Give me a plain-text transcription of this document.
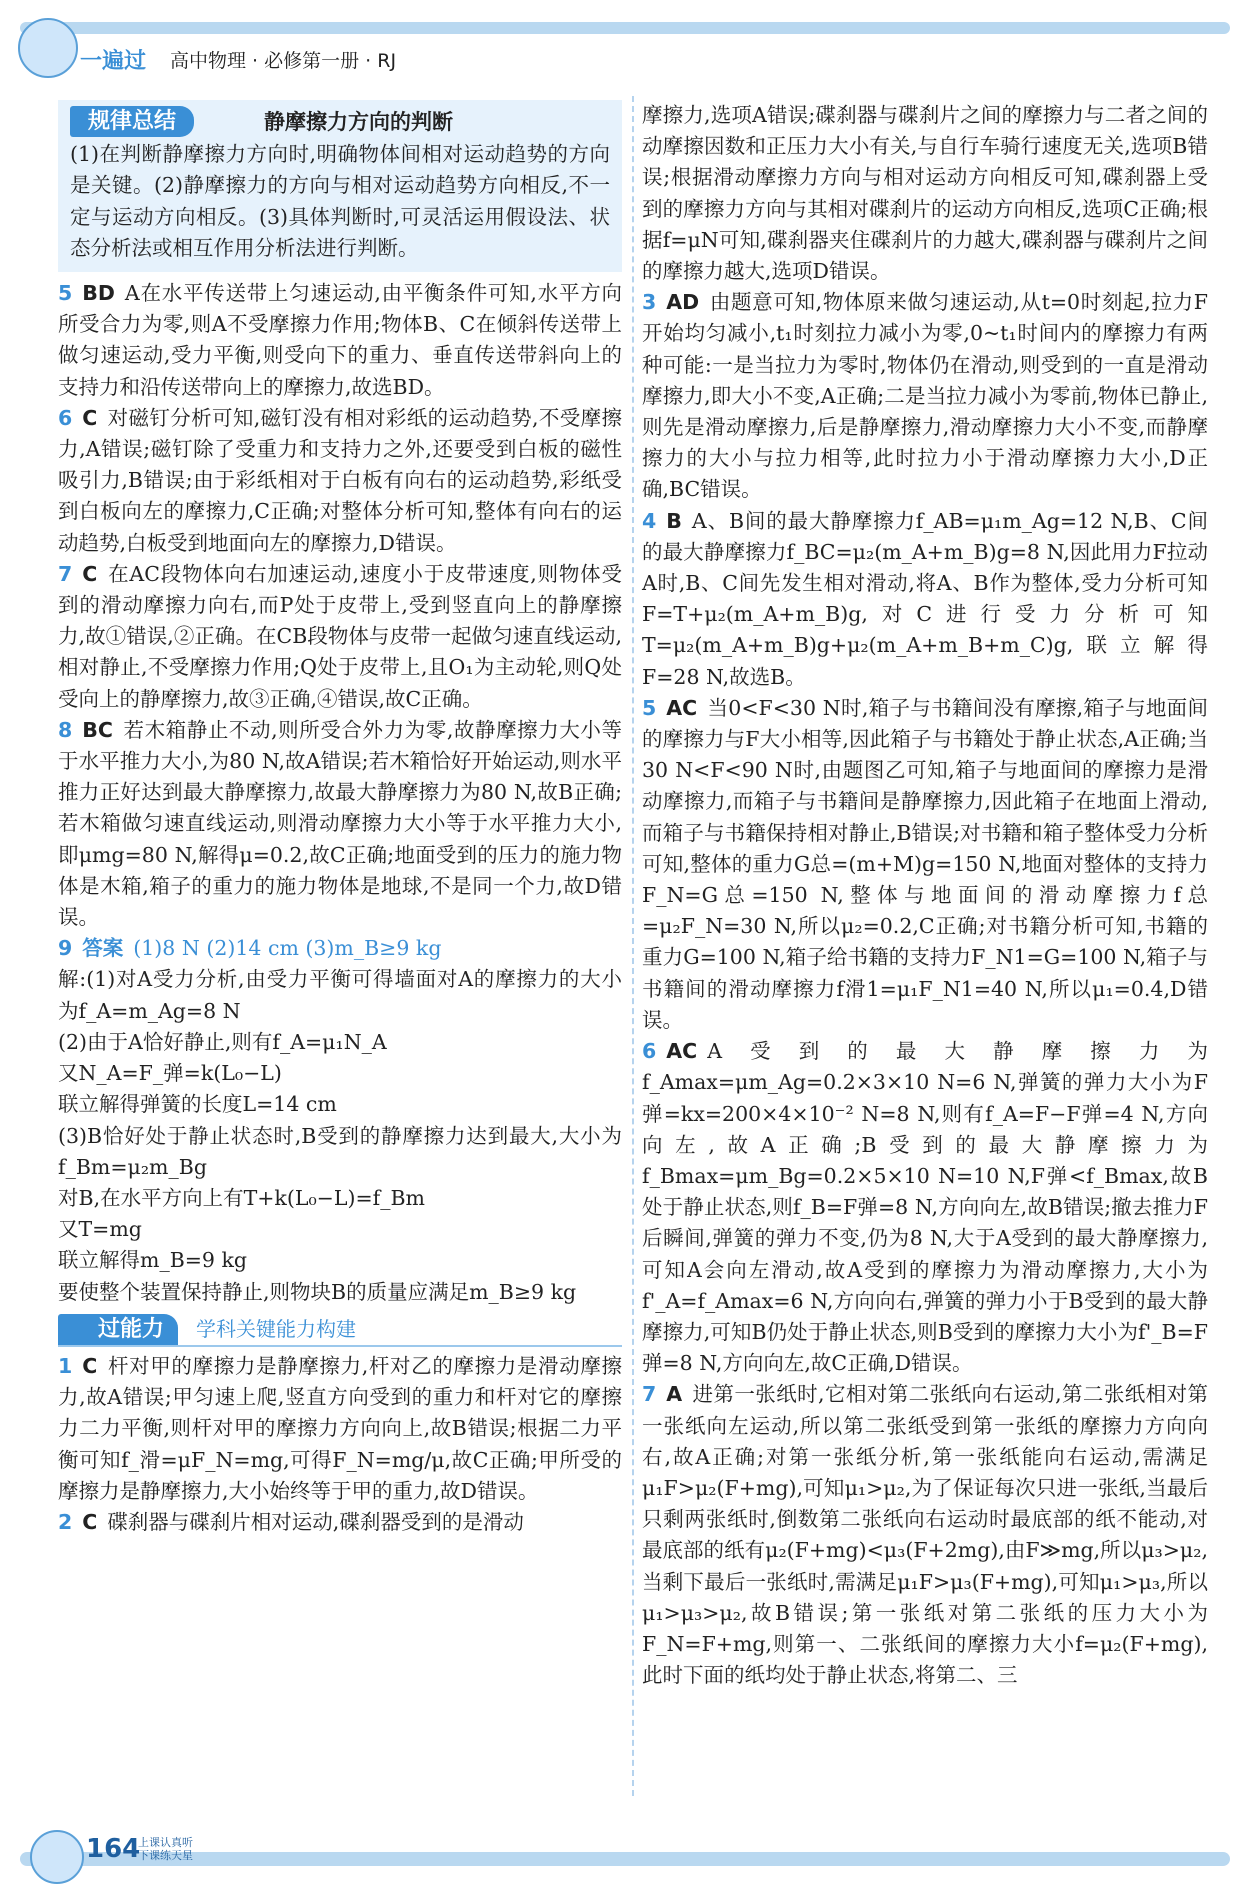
一遍过 高中物理 · 必修第一册 · RJ
规律总结	静摩擦力方向的判断

(1)在判断静摩擦力方向时,明确物体间相对运动趋势的方向是关键。(2)静摩擦力的方向与相对运动趋势方向相反,不一定与运动方向相反。(3)具体判断时,可灵活运用假设法、状态分析法或相互作用分析法进行判断。

5 BD A在水平传送带上匀速运动,由平衡条件可知,水平方向所受合力为零,则A不受摩擦力作用;物体B、C在倾斜传送带上做匀速运动,受力平衡,则受向下的重力、垂直传送带斜向上的支持力和沿传送带向上的摩擦力,故选BD。

6 C 对磁钉分析可知,磁钉没有相对彩纸的运动趋势,不受摩擦力,A错误;磁钉除了受重力和支持力之外,还要受到白板的磁性吸引力,B错误;由于彩纸相对于白板有向右的运动趋势,彩纸受到白板向左的摩擦力,C正确;对整体分析可知,整体有向右的运动趋势,白板受到地面向左的摩擦力,D错误。

7 C 在AC段物体向右加速运动,速度小于皮带速度,则物体受到的滑动摩擦力向右,而P处于皮带上,受到竖直向上的静摩擦力,故①错误,②正确。在CB段物体与皮带一起做匀速直线运动,相对静止,不受摩擦力作用;Q处于皮带上,且O₁为主动轮,则Q处受向上的静摩擦力,故③正确,④错误,故C正确。

8 BC 若木箱静止不动,则所受合外力为零,故静摩擦力大小等于水平推力大小,为80 N,故A错误;若木箱恰好开始运动,则水平推力正好达到最大静摩擦力,故最大静摩擦力为80 N,故B正确;若木箱做匀速直线运动,则滑动摩擦力大小等于水平推力大小,即μmg=80 N,解得μ=0.2,故C正确;地面受到的压力的施力物体是木箱,箱子的重力的施力物体是地球,不是同一个力,故D错误。

9 答案 (1)8 N (2)14 cm (3)m_B≥9 kg

解:(1)对A受力分析,由受力平衡可得墙面对A的摩擦力的大小为f_A=m_Ag=8 N

(2)由于A恰好静止,则有f_A=μ₁N_A

又N_A=F_弹=k(L₀−L)

联立解得弹簧的长度L=14 cm

(3)B恰好处于静止状态时,B受到的静摩擦力达到最大,大小为f_Bm=μ₂m_Bg

对B,在水平方向上有T+k(L₀−L)=f_Bm

又T=mg

联立解得m_B=9 kg

要使整个装置保持静止,则物块B的质量应满足m_B≥9 kg

过能力	学科关键能力构建

1 C 杆对甲的摩擦力是静摩擦力,杆对乙的摩擦力是滑动摩擦力,故A错误;甲匀速上爬,竖直方向受到的重力和杆对它的摩擦力二力平衡,则杆对甲的摩擦力方向向上,故B错误;根据二力平衡可知f_滑=μF_N=mg,可得F_N=mg/μ,故C正确;甲所受的摩擦力是静摩擦力,大小始终等于甲的重力,故D错误。

2 C 碟刹器与碟刹片相对运动,碟刹器受到的是滑动

摩擦力,选项A错误;碟刹器与碟刹片之间的摩擦力与二者之间的动摩擦因数和正压力大小有关,与自行车骑行速度无关,选项B错误;根据滑动摩擦力方向与相对运动方向相反可知,碟刹器上受到的摩擦力方向与其相对碟刹片的运动方向相反,选项C正确;根据f=μN可知,碟刹器夹住碟刹片的力越大,碟刹器与碟刹片之间的摩擦力越大,选项D错误。

3 AD 由题意可知,物体原来做匀速运动,从t=0时刻起,拉力F开始均匀减小,t₁时刻拉力减小为零,0~t₁时间内的摩擦力有两种可能:一是当拉力为零时,物体仍在滑动,则受到的一直是滑动摩擦力,即大小不变,A正确;二是当拉力减小为零前,物体已静止,则先是滑动摩擦力,后是静摩擦力,滑动摩擦力大小不变,而静摩擦力的大小与拉力相等,此时拉力小于滑动摩擦力大小,D正确,BC错误。

4 B A、B间的最大静摩擦力f_AB=μ₁m_Ag=12 N,B、C间的最大静摩擦力f_BC=μ₂(m_A+m_B)g=8 N,因此用力F拉动A时,B、C间先发生相对滑动,将A、B作为整体,受力分析可知F=T+μ₂(m_A+m_B)g,对C进行受力分析可知T=μ₂(m_A+m_B)g+μ₂(m_A+m_B+m_C)g,联立解得F=28 N,故选B。

5 AC 当0<F<30 N时,箱子与书籍间没有摩擦,箱子与地面间的摩擦力与F大小相等,因此箱子与书籍处于静止状态,A正确;当30 N<F<90 N时,由题图乙可知,箱子与地面间的摩擦力是滑动摩擦力,而箱子与书籍间是静摩擦力,因此箱子在地面上滑动,而箱子与书籍保持相对静止,B错误;对书籍和箱子整体受力分析可知,整体的重力G总=(m+M)g=150 N,地面对整体的支持力F_N=G总=150 N,整体与地面间的滑动摩擦力f总=μ₂F_N=30 N,所以μ₂=0.2,C正确;对书籍分析可知,书籍的重力G=100 N,箱子给书籍的支持力F_N1=G=100 N,箱子与书籍间的滑动摩擦力f滑1=μ₁F_N1=40 N,所以μ₁=0.4,D错误。

6 AC A受到的最大静摩擦力为f_Amax=μm_Ag=0.2×3×10 N=6 N,弹簧的弹力大小为F弹=kx=200×4×10⁻² N=8 N,则有f_A=F−F弹=4 N,方向向左,故A正确;B受到的最大静摩擦力为f_Bmax=μm_Bg=0.2×5×10 N=10 N,F弹<f_Bmax,故B处于静止状态,则f_B=F弹=8 N,方向向左,故B错误;撤去推力F后瞬间,弹簧的弹力不变,仍为8 N,大于A受到的最大静摩擦力,可知A会向左滑动,故A受到的摩擦力为滑动摩擦力,大小为f'_A=f_Amax=6 N,方向向右,弹簧的弹力小于B受到的最大静摩擦力,可知B仍处于静止状态,则B受到的摩擦力大小为f'_B=F弹=8 N,方向向左,故C正确,D错误。

7 A 进第一张纸时,它相对第二张纸向右运动,第二张纸相对第一张纸向左运动,所以第二张纸受到第一张纸的摩擦力方向向右,故A正确;对第一张纸分析,第一张纸能向右运动,需满足μ₁F>μ₂(F+mg),可知μ₁>μ₂,为了保证每次只进一张纸,当最后只剩两张纸时,倒数第二张纸向右运动时最底部的纸不能动,对最底部的纸有μ₂(F+mg)<μ₃(F+2mg),由F≫mg,所以μ₃>μ₂,当剩下最后一张纸时,需满足μ₁F>μ₃(F+mg),可知μ₁>μ₃,所以μ₁>μ₃>μ₂,故B错误;第一张纸对第二张纸的压力大小为F_N=F+mg,则第一、二张纸间的摩擦力大小f=μ₂(F+mg),此时下面的纸均处于静止状态,将第二、三

164
上课认真听
下课练天星
